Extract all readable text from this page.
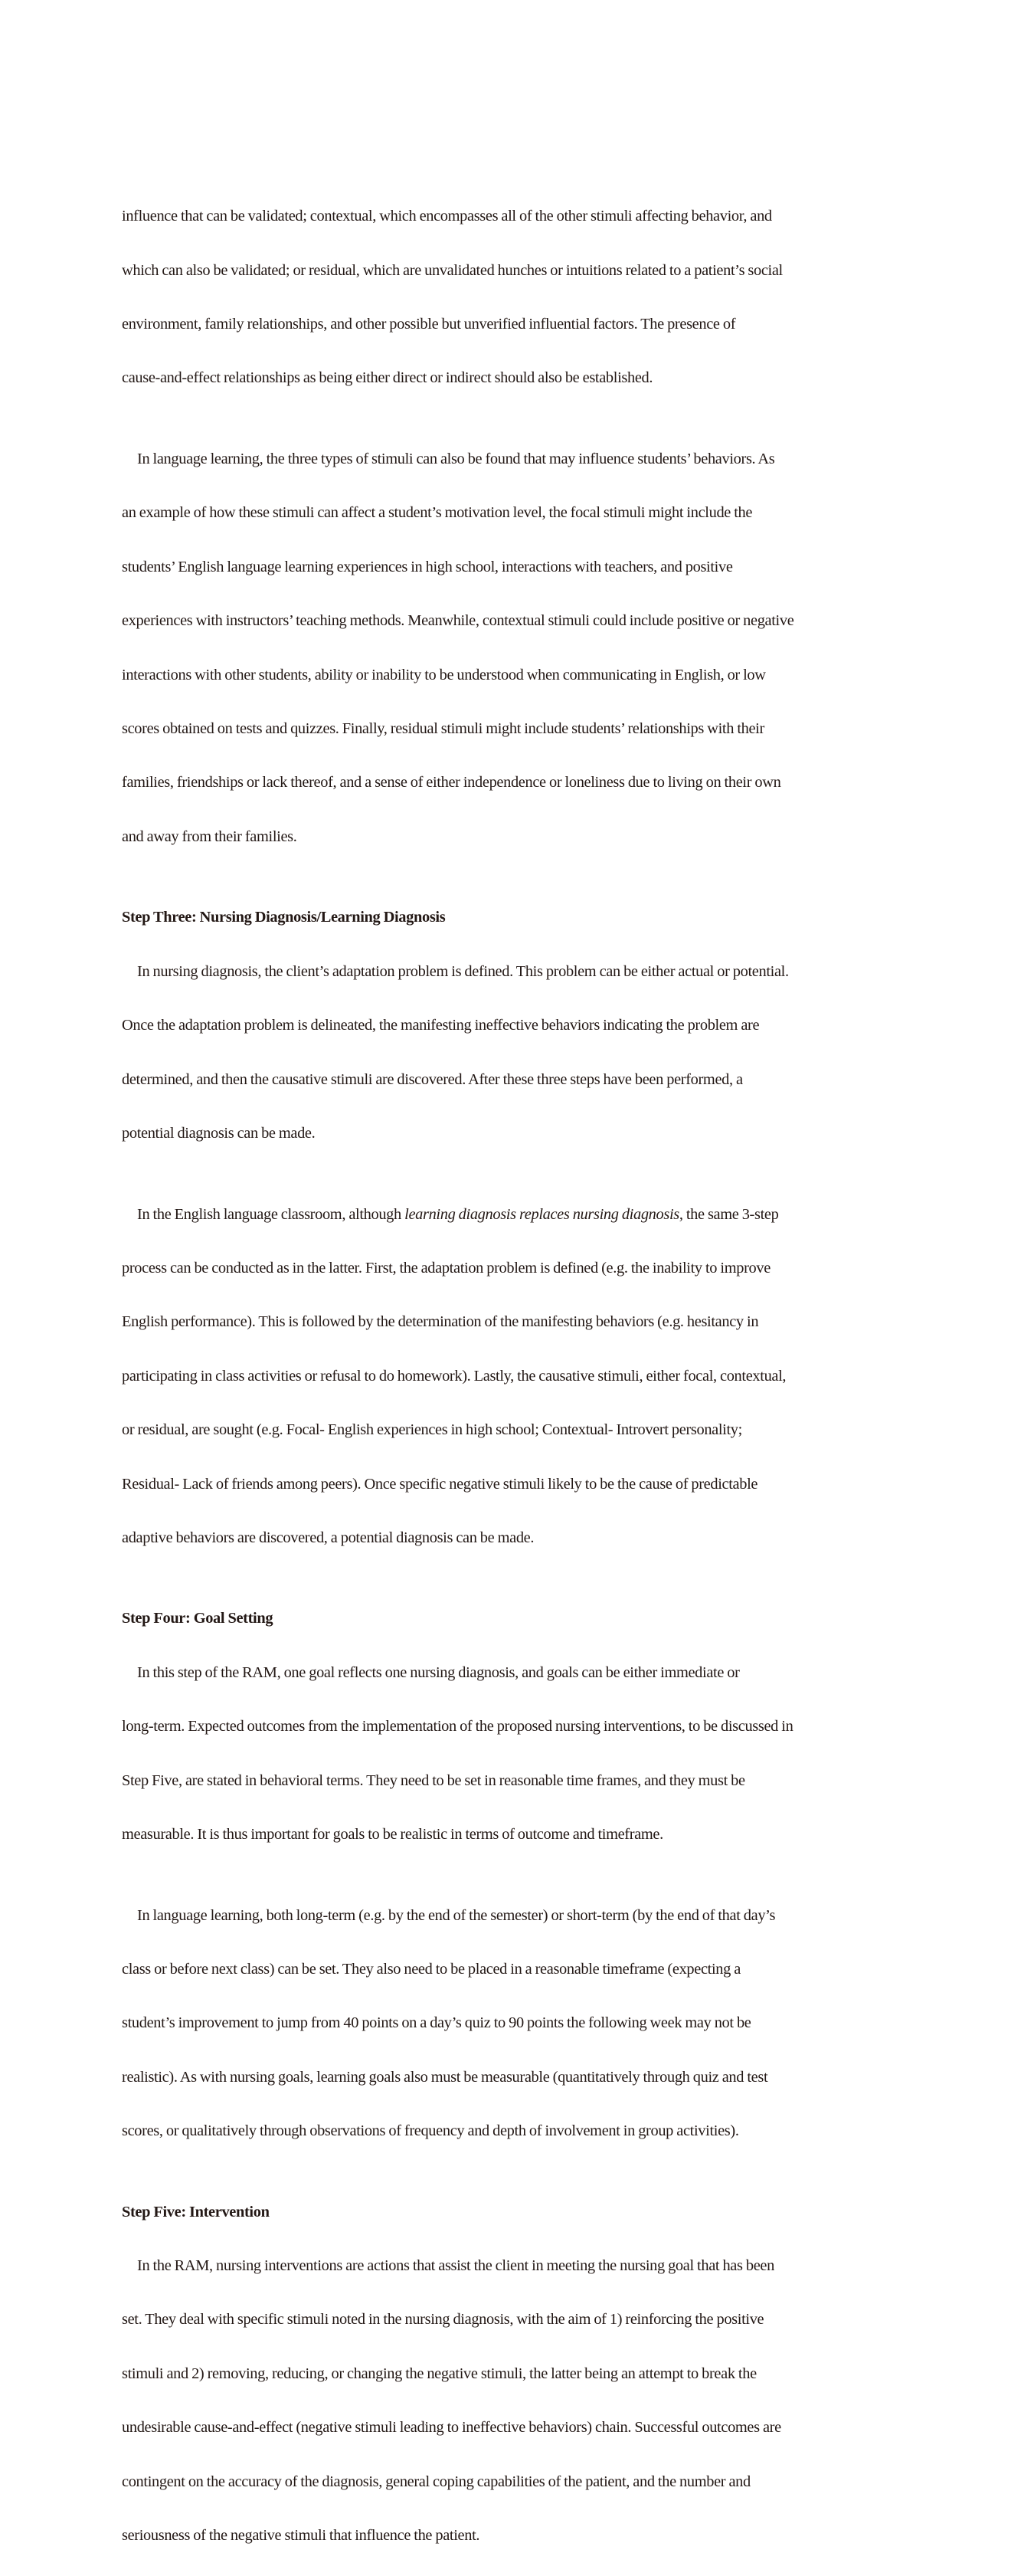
influence that can be validated; contextual, which encompasses all of the other stimuli affecting behavior, and

which can also be validated; or residual, which are unvalidated hunches or intuitions related to a patient’s social

environment, family relationships, and other possible but unverified influential factors. The presence of

cause-and-effect relationships as being either direct or indirect should also be established.

In language learning, the three types of stimuli can also be found that may influence students’ behaviors. As

an example of how these stimuli can affect a student’s motivation level, the focal stimuli might include the

students’ English language learning experiences in high school, interactions with teachers, and positive

experiences with instructors’ teaching methods. Meanwhile, contextual stimuli could include positive or negative

interactions with other students, ability or inability to be understood when communicating in English, or low

scores obtained on tests and quizzes. Finally, residual stimuli might include students’ relationships with their

families, friendships or lack thereof, and a sense of either independence or loneliness due to living on their own

and away from their families.

Step Three: Nursing Diagnosis/Learning Diagnosis

In nursing diagnosis, the client’s adaptation problem is defined. This problem can be either actual or potential.

Once the adaptation problem is delineated, the manifesting ineffective behaviors indicating the problem are

determined, and then the causative stimuli are discovered. After these three steps have been performed, a

potential diagnosis can be made.

In the English language classroom, although learning diagnosis replaces nursing diagnosis, the same 3-step

process can be conducted as in the latter. First, the adaptation problem is defined (e.g. the inability to improve

English performance). This is followed by the determination of the manifesting behaviors (e.g. hesitancy in

participating in class activities or refusal to do homework). Lastly, the causative stimuli, either focal, contextual,

or residual, are sought (e.g. Focal- English experiences in high school; Contextual- Introvert personality;

Residual- Lack of friends among peers). Once specific negative stimuli likely to be the cause of predictable

adaptive behaviors are discovered, a potential diagnosis can be made.

Step Four: Goal Setting

In this step of the RAM, one goal reflects one nursing diagnosis, and goals can be either immediate or

long-term. Expected outcomes from the implementation of the proposed nursing interventions, to be discussed in

Step Five, are stated in behavioral terms. They need to be set in reasonable time frames, and they must be

measurable. It is thus important for goals to be realistic in terms of outcome and timeframe.

In language learning, both long-term (e.g. by the end of the semester) or short-term (by the end of that day’s

class or before next class) can be set. They also need to be placed in a reasonable timeframe (expecting a

student’s improvement to jump from 40 points on a day’s quiz to 90 points the following week may not be

realistic). As with nursing goals, learning goals also must be measurable (quantitatively through quiz and test

scores, or qualitatively through observations of frequency and depth of involvement in group activities).

Step Five: Intervention

In the RAM, nursing interventions are actions that assist the client in meeting the nursing goal that has been

set. They deal with specific stimuli noted in the nursing diagnosis, with the aim of 1) reinforcing the positive

stimuli and 2) removing, reducing, or changing the negative stimuli, the latter being an attempt to break the

undesirable cause-and-effect (negative stimuli leading to ineffective behaviors) chain. Successful outcomes are

contingent on the accuracy of the diagnosis, general coping capabilities of the patient, and the number and

seriousness of the negative stimuli that influence the patient.
